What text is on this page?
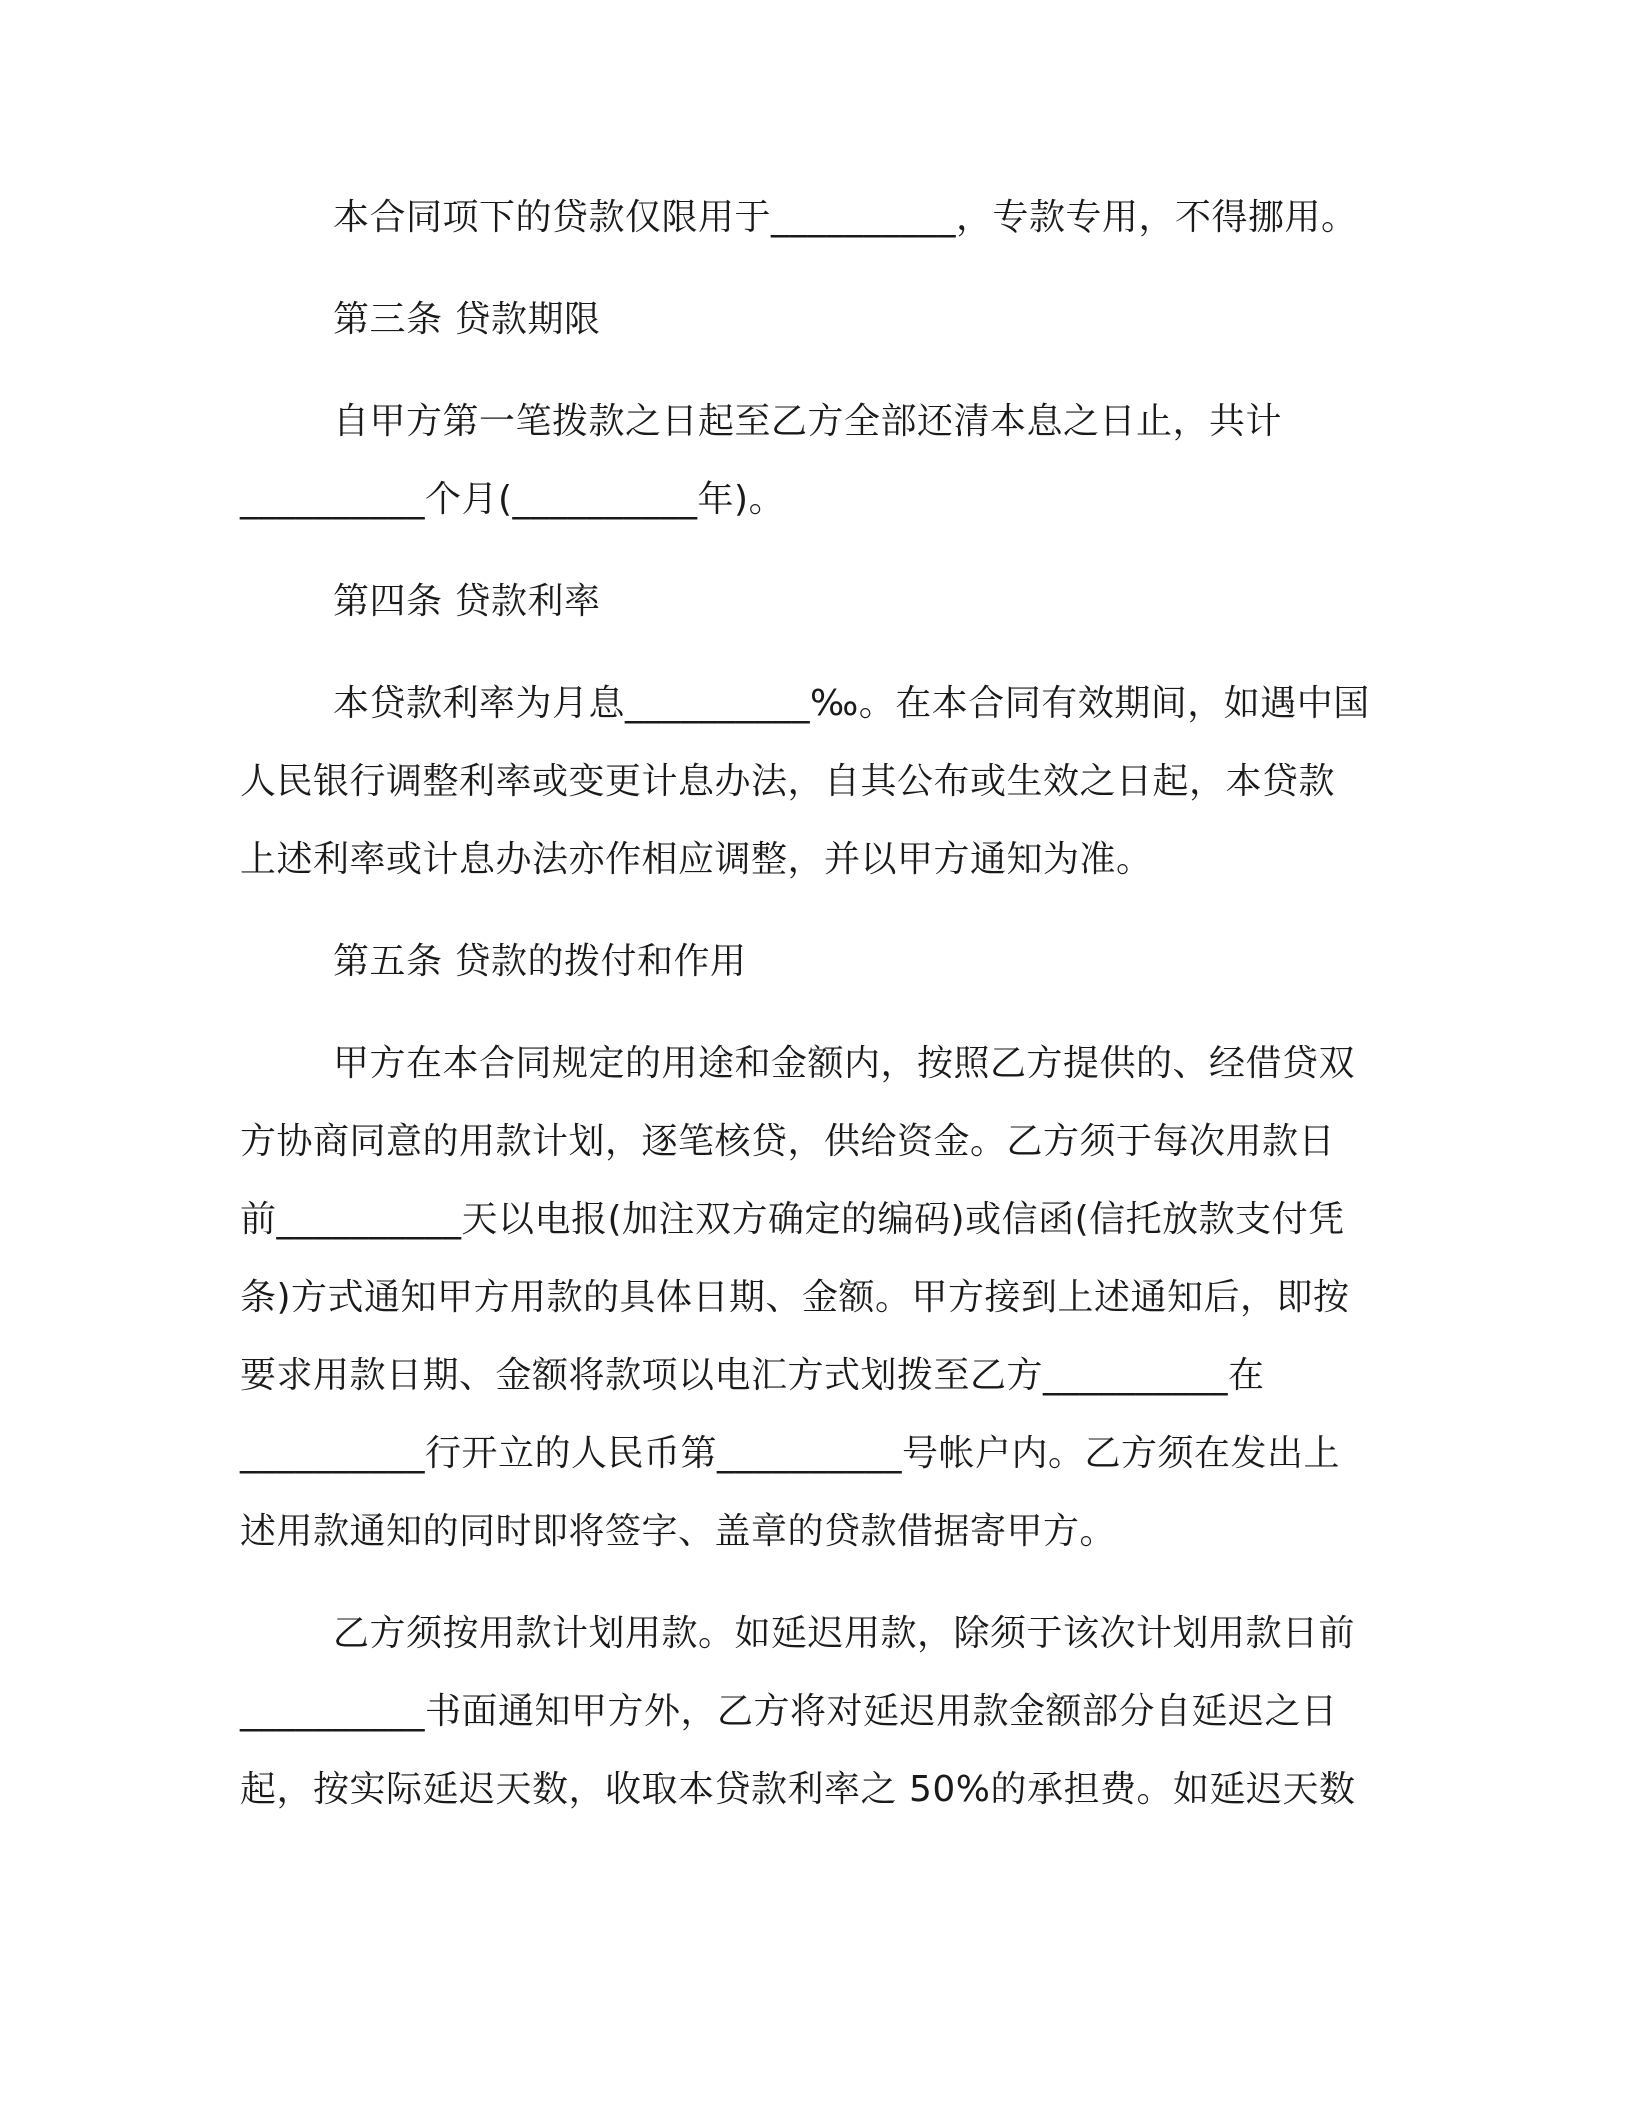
本合同项下的贷款仅限用于__________，专款专用，不得挪用。
第三条 贷款期限
自甲方第一笔拨款之日起至乙方全部还清本息之日止，共计
__________个月(__________年)。
第四条 贷款利率
本贷款利率为月息__________‰。在本合同有效期间，如遇中国
人民银行调整利率或变更计息办法，自其公布或生效之日起，本贷款
上述利率或计息办法亦作相应调整，并以甲方通知为准。
第五条 贷款的拨付和作用
甲方在本合同规定的用途和金额内，按照乙方提供的、经借贷双
方协商同意的用款计划，逐笔核贷，供给资金。乙方须于每次用款日
前__________天以电报(加注双方确定的编码)或信函(信托放款支付凭
条)方式通知甲方用款的具体日期、金额。甲方接到上述通知后，即按
要求用款日期、金额将款项以电汇方式划拨至乙方__________在
__________行开立的人民币第__________号帐户内。乙方须在发出上
述用款通知的同时即将签字、盖章的贷款借据寄甲方。
乙方须按用款计划用款。如延迟用款，除须于该次计划用款日前
__________书面通知甲方外，乙方将对延迟用款金额部分自延迟之日
起，按实际延迟天数，收取本贷款利率之 50%的承担费。如延迟天数
